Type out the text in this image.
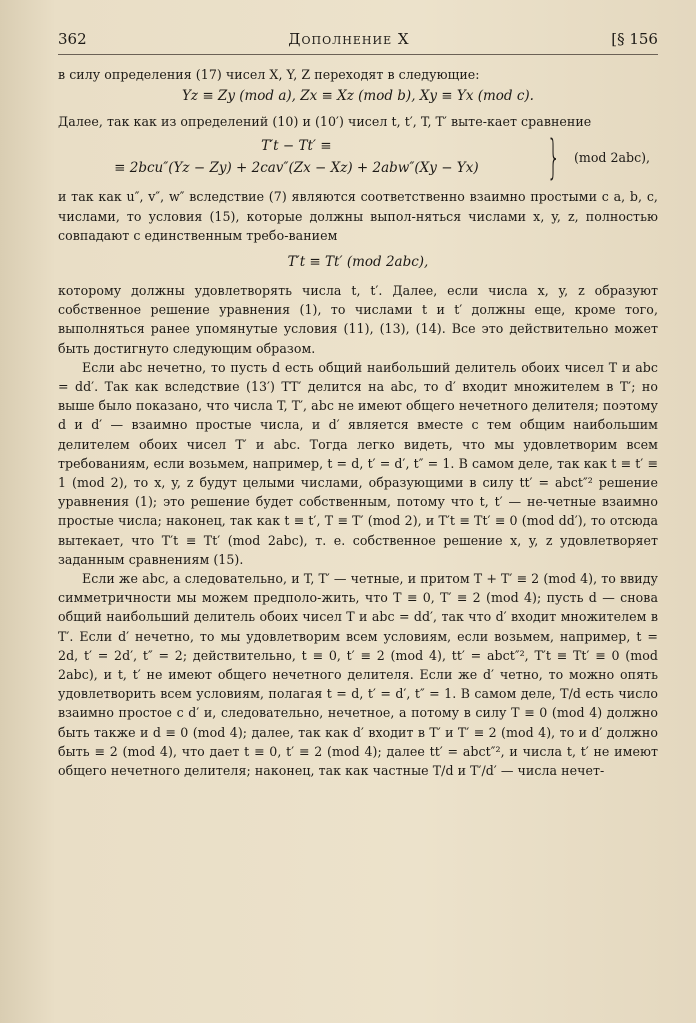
362	Дополнение X	[§ 156

в силу определения (17) чисел X, Y, Z переходят в следующие:

Yz ≡ Zy (mod a), Zx ≡ Xz (mod b), Xy ≡ Yx (mod c).

Далее, так как из определений (10) и (10′) чисел t, t′, T, T′ выте-кает сравнение

T′t − Tt′ ≡
≡ 2bcu″(Yz − Zy) + 2cav″(Zx − Xz) + 2abw″(Xy − Yx)	} (mod 2abc),

и так как u″, v″, w″ вследствие (7) являются соответственно взаимно простыми с a, b, c, числами, то условия (15), которые должны выпол-няться числами x, y, z, полностью совпадают с единственным требо-ванием

T′t ≡ Tt′ (mod 2abc),

которому должны удовлетворять числа t, t′. Далее, если числа x, y, z образуют собственное решение уравнения (1), то числами t и t′ должны еще, кроме того, выполняться ранее упомянутые условия (11), (13), (14). Все это действительно может быть достигнуто следующим образом.

Если abc нечетно, то пусть d есть общий наибольший делитель обоих чисел T и abc = dd′. Так как вследствие (13′) TT′ делится на abc, то d′ входит множителем в T′; но выше было показано, что числа T, T′, abc не имеют общего нечетного делителя; поэтому d и d′ — взаимно простые числа, и d′ является вместе с тем общим наибольшим делителем обоих чисел T′ и abc. Тогда легко видеть, что мы удовлетворим всем требованиям, если возьмем, например, t = d, t′ = d′, t″ = 1. В самом деле, так как t ≡ t′ ≡ 1 (mod 2), то x, y, z будут целыми числами, образующими в силу tt′ = abct″² решение уравнения (1); это решение будет собственным, потому что t, t′ — не-четные взаимно простые числа; наконец, так как t ≡ t′, T ≡ T′ (mod 2), и T′t ≡ Tt′ ≡ 0 (mod dd′), то отсюда вытекает, что T′t ≡ Tt′ (mod 2abc), т. е. собственное решение x, y, z удовлетворяет заданным сравнениям (15).

Если же abc, а следовательно, и T, T′ — четные, и притом T + T′ ≡ 2 (mod 4), то ввиду симметричности мы можем предполо-жить, что T ≡ 0, T′ ≡ 2 (mod 4); пусть d — снова общий наибольший делитель обоих чисел T и abc = dd′, так что d′ входит множителем в T′. Если d′ нечетно, то мы удовлетворим всем условиям, если возьмем, например, t = 2d, t′ = 2d′, t″ = 2; действительно, t ≡ 0, t′ ≡ 2 (mod 4), tt′ = abct″², T′t ≡ Tt′ ≡ 0 (mod 2abc), и t, t′ не имеют общего нечетного делителя. Если же d′ четно, то можно опять удовлетворить всем условиям, полагая t = d, t′ = d′, t″ = 1. В самом деле, T/d есть число взаимно простое с d′ и, следовательно, нечетное, а потому в силу T ≡ 0 (mod 4) должно быть также и d ≡ 0 (mod 4); далее, так как d′ входит в T′ и T′ ≡ 2 (mod 4), то и d′ должно быть ≡ 2 (mod 4), что дает t ≡ 0, t′ ≡ 2 (mod 4); далее tt′ = abct″², и числа t, t′ не имеют общего нечетного делителя; наконец, так как частные T/d и T′/d′ — числа нечет-
